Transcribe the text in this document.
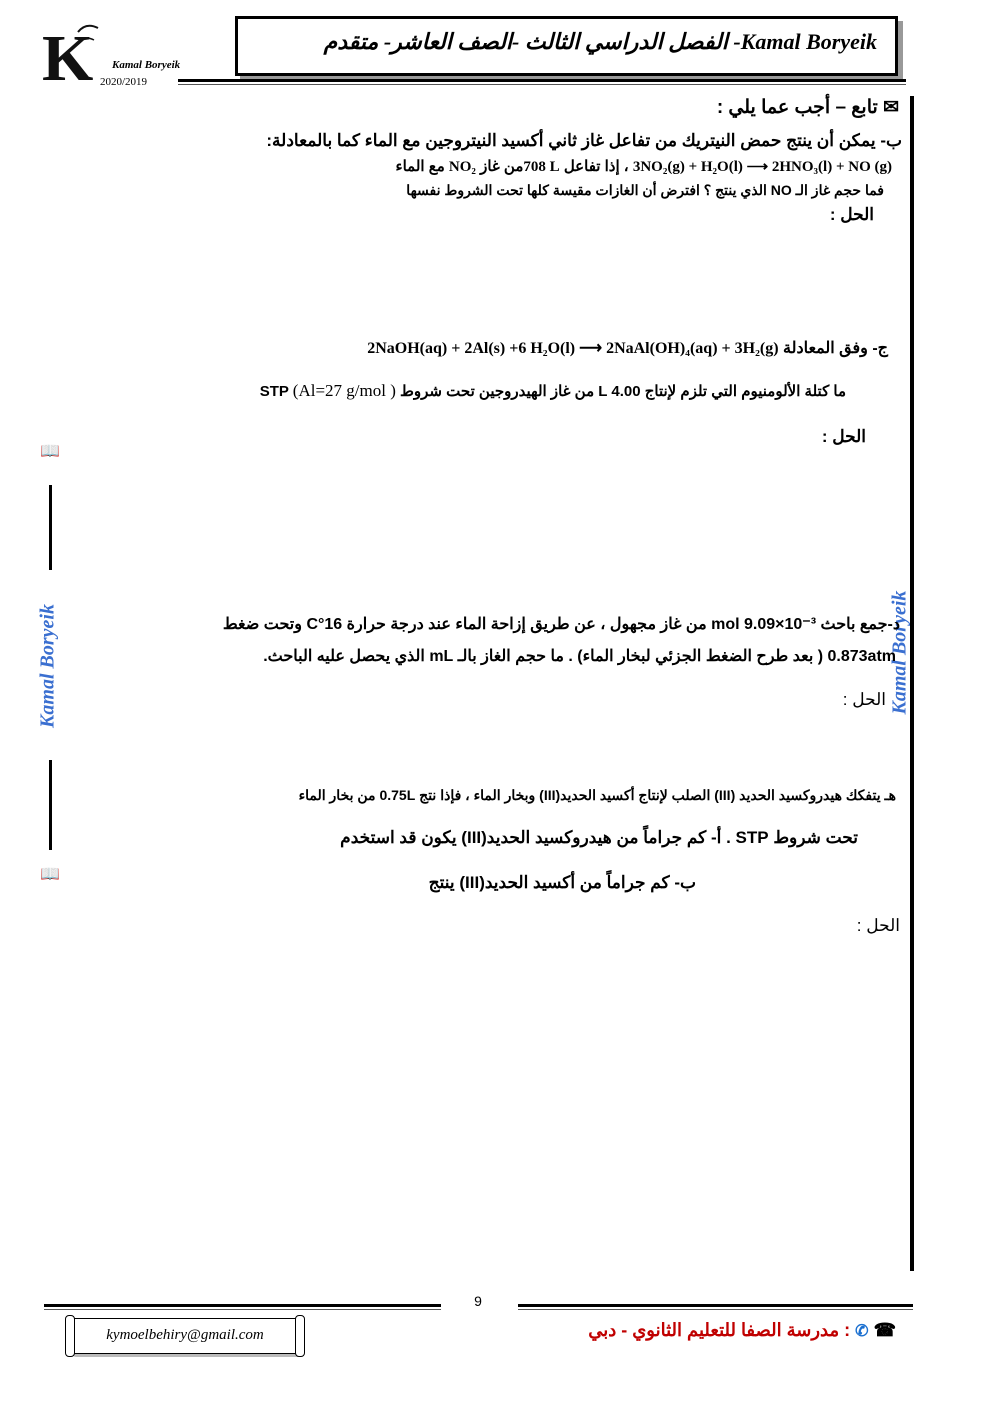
K Kamal Boryeik
2020/2019
Kamal Boryeik- الفصل الدراسي الثالث -الصف العاشر- متقدم
Kamal Boryeik
📖
Kamal Boryeik
📖
✉ تابع – أجب عما يلي :
ب- يمكن أن ينتج حمض النيتريك من تفاعل غاز ثاني أكسيد النيتروجين مع الماء كما بالمعادلة:
3NO₂(g) + H₂O(l) ⟶ 2HNO₃(l) + NO (g) ، إذا تفاعل 708 Lمن غاز NO₂ مع الماء
فما حجم غاز الـ NO الذي ينتج ؟ افترض أن الغازات مقيسة كلها تحت الشروط نفسها
الحل :
ج- وفق المعادلة 2NaOH(aq) + 2Al(s) +6 H₂O(l) ⟶ 2NaAl(OH)₄(aq) + 3H₂(g)
ما كتلة الألومنيوم التي تلزم لإنتاج L 4.00 من غاز الهيدروجين تحت شروط STP (Al=27 g/mol )
الحل :
د-جمع باحث mol 9.09×10⁻³ من غاز مجهول ، عن طريق إزاحة الماء عند درجة حرارة 16°C وتحت ضغط
0.873atm ( بعد طرح الضغط الجزئي لبخار الماء) . ما حجم الغاز بالـ mL الذي يحصل عليه الباحث.
الحل :
هـ يتفكك هيدروكسيد الحديد (III) الصلب لإنتاج أكسيد الحديد(III) وبخار الماء ، فإذا نتج 0.75L من بخار الماء
تحت شروط STP . أ- كم جراماً من هيدروكسيد الحديد(III) يكون قد استخدم
ب- كم جراماً من أكسيد الحديد(III) ينتج
الحل :
9
kymoelbehiry@gmail.com	☎ ✆ : مدرسة الصفا للتعليم الثانوي - دبي
